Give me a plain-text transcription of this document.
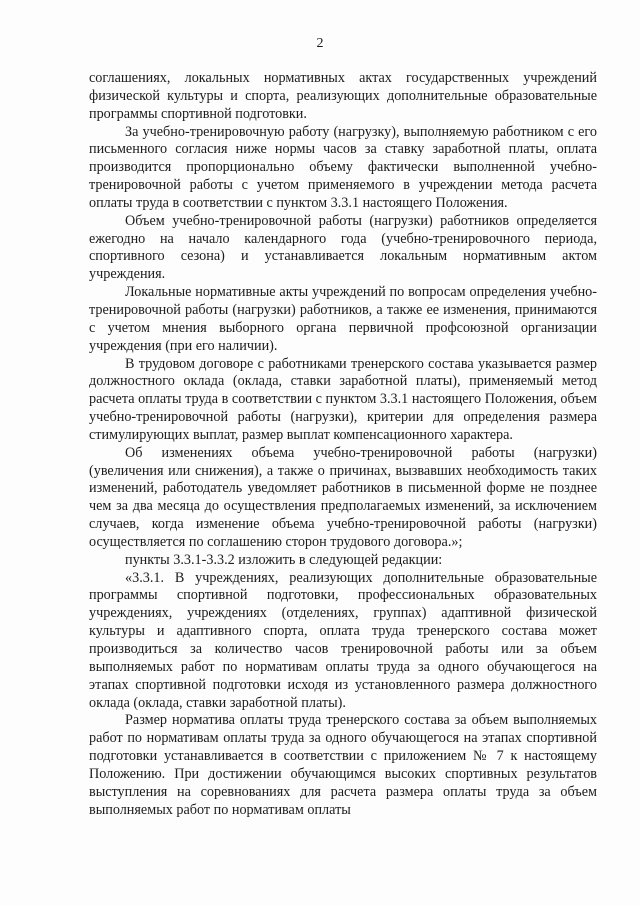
2

соглашениях, локальных нормативных актах государственных учреждений физической культуры и спорта, реализующих дополнительные образовательные программы спортивной подготовки.

За учебно-тренировочную работу (нагрузку), выполняемую работником с его письменного согласия ниже нормы часов за ставку заработной платы, оплата производится пропорционально объему фактически выполненной учебно-тренировочной работы с учетом применяемого в учреждении метода расчета оплаты труда в соответствии с пунктом 3.3.1 настоящего Положения.

Объем учебно-тренировочной работы (нагрузки) работников определяется ежегодно на начало календарного года (учебно-тренировочного периода, спортивного сезона) и устанавливается локальным нормативным актом учреждения.

Локальные нормативные акты учреждений по вопросам определения учебно-тренировочной работы (нагрузки) работников, а также ее изменения, принимаются с учетом мнения выборного органа первичной профсоюзной организации учреждения (при его наличии).

В трудовом договоре с работниками тренерского состава указывается размер должностного оклада (оклада, ставки заработной платы), применяемый метод расчета оплаты труда в соответствии с пунктом 3.3.1 настоящего Положения, объем учебно-тренировочной работы (нагрузки), критерии для определения размера стимулирующих выплат, размер выплат компенсационного характера.

Об изменениях объема учебно-тренировочной работы (нагрузки) (увеличения или снижения), а также о причинах, вызвавших необходимость таких изменений, работодатель уведомляет работников в письменной форме не позднее чем за два месяца до осуществления предполагаемых изменений, за исключением случаев, когда изменение объема учебно-тренировочной работы (нагрузки) осуществляется по соглашению сторон трудового договора.»;

пункты 3.3.1-3.3.2 изложить в следующей редакции:

«3.3.1. В учреждениях, реализующих дополнительные образовательные программы спортивной подготовки, профессиональных образовательных учреждениях, учреждениях (отделениях, группах) адаптивной физической культуры и адаптивного спорта, оплата труда тренерского состава может производиться за количество часов тренировочной работы или за объем выполняемых работ по нормативам оплаты труда за одного обучающегося на этапах спортивной подготовки исходя из установленного размера должностного оклада (оклада, ставки заработной платы).

Размер норматива оплаты труда тренерского состава за объем выполняемых работ по нормативам оплаты труда за одного обучающегося на этапах спортивной подготовки устанавливается в соответствии с приложением № 7 к настоящему Положению. При достижении обучающимся высоких спортивных результатов выступления на соревнованиях для расчета размера оплаты труда за объем выполняемых работ по нормативам оплаты
